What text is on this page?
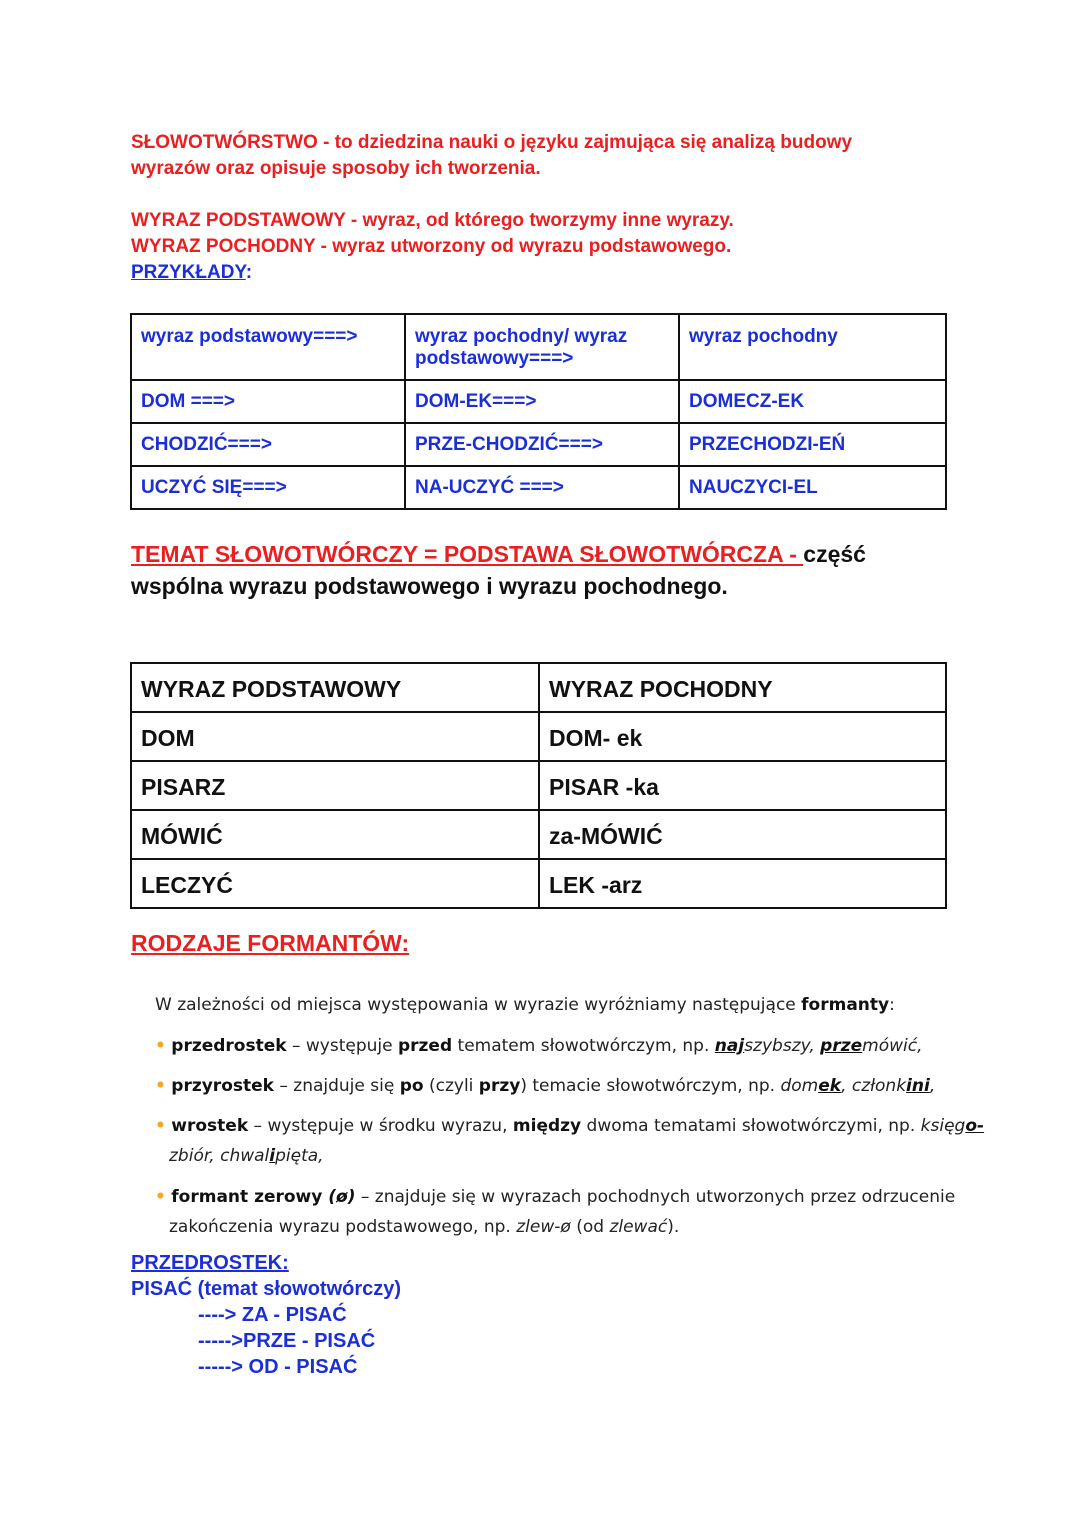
SŁOWOTWÓRSTWO - to dziedzina nauki o języku zajmująca się analizą budowy
wyrazów oraz opisuje sposoby ich tworzenia.

WYRAZ PODSTAWOWY - wyraz, od którego tworzymy inne wyrazy.
WYRAZ POCHODNY - wyraz utworzony od wyrazu podstawowego.
PRZYKŁADY:

wyraz podstawowy===>	wyraz pochodny/ wyraz podstawowy===>	wyraz pochodny
DOM ===>	DOM-EK===>	DOMECZ-EK
CHODZIĆ===>	PRZE-CHODZIĆ===>	PRZECHODZI-EŃ
UCZYĆ SIĘ===>	NA-UCZYĆ ===>	NAUCZYCI-EL

TEMAT SŁOWOTWÓRCZY = PODSTAWA SŁOWOTWÓRCZA - część
wspólna wyrazu podstawowego i wyrazu pochodnego.

WYRAZ PODSTAWOWY	WYRAZ POCHODNY
DOM	DOM- ek
PISARZ	PISAR -ka
MÓWIĆ	za-MÓWIĆ
LECZYĆ	LEK -arz

RODZAJE FORMANTÓW:

W zależności od miejsca występowania w wyrazie wyróżniamy następujące formanty:

• przedrostek – występuje przed tematem słowotwórczym, np. najszybszy, przemówić,

• przyrostek – znajduje się po (czyli przy) temacie słowotwórczym, np. domek, członkini,

• wrostek – występuje w środku wyrazu, między dwoma tematami słowotwórczymi, np. księgo-
zbiór, chwalipięta,

• formant zerowy (ø) – znajduje się w wyrazach pochodnych utworzonych przez odrzucenie
zakończenia wyrazu podstawowego, np. zlew-ø (od zlewać).

PRZEDROSTEK:
PISAĆ (temat słowotwórczy)
----> ZA - PISAĆ
----->PRZE - PISAĆ
-----> OD - PISAĆ
